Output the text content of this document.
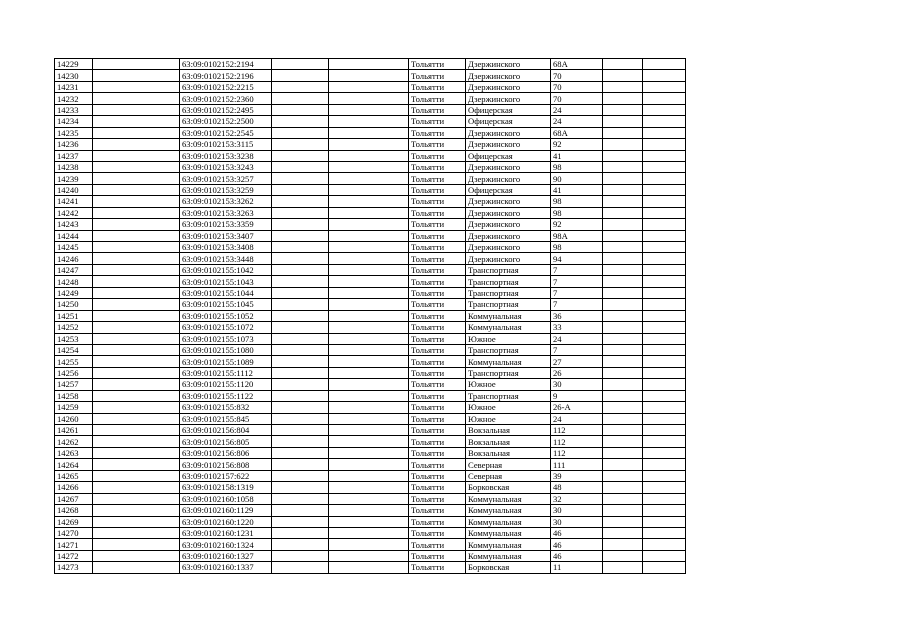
14229		63:09:0102152:2194			Тольятти	Дзержинского	68А		
14230		63:09:0102152:2196			Тольятти	Дзержинского	70		
14231		63:09:0102152:2215			Тольятти	Дзержинского	70		
14232		63:09:0102152:2360			Тольятти	Дзержинского	70		
14233		63:09:0102152:2495			Тольятти	Офицерская	24		
14234		63:09:0102152:2500			Тольятти	Офицерская	24		
14235		63:09:0102152:2545			Тольятти	Дзержинского	68А		
14236		63:09:0102153:3115			Тольятти	Дзержинского	92		
14237		63:09:0102153:3238			Тольятти	Офицерская	41		
14238		63:09:0102153:3243			Тольятти	Дзержинского	98		
14239		63:09:0102153:3257			Тольятти	Дзержинского	90		
14240		63:09:0102153:3259			Тольятти	Офицерская	41		
14241		63:09:0102153:3262			Тольятти	Дзержинского	98		
14242		63:09:0102153:3263			Тольятти	Дзержинского	98		
14243		63:09:0102153:3359			Тольятти	Дзержинского	92		
14244		63:09:0102153:3407			Тольятти	Дзержинского	98А		
14245		63:09:0102153:3408			Тольятти	Дзержинского	98		
14246		63:09:0102153:3448			Тольятти	Дзержинского	94		
14247		63:09:0102155:1042			Тольятти	Транспортная	7		
14248		63:09:0102155:1043			Тольятти	Транспортная	7		
14249		63:09:0102155:1044			Тольятти	Транспортная	7		
14250		63:09:0102155:1045			Тольятти	Транспортная	7		
14251		63:09:0102155:1052			Тольятти	Коммунальная	36		
14252		63:09:0102155:1072			Тольятти	Коммунальная	33		
14253		63:09:0102155:1073			Тольятти	Южное	24		
14254		63:09:0102155:1080			Тольятти	Транспортная	7		
14255		63:09:0102155:1089			Тольятти	Коммунальная	27		
14256		63:09:0102155:1112			Тольятти	Транспортная	26		
14257		63:09:0102155:1120			Тольятти	Южное	30		
14258		63:09:0102155:1122			Тольятти	Транспортная	9		
14259		63:09:0102155:832			Тольятти	Южное	26-А		
14260		63:09:0102155:845			Тольятти	Южное	24		
14261		63:09:0102156:804			Тольятти	Вокзальная	112		
14262		63:09:0102156:805			Тольятти	Вокзальная	112		
14263		63:09:0102156:806			Тольятти	Вокзальная	112		
14264		63:09:0102156:808			Тольятти	Северная	111		
14265		63:09:0102157:622			Тольятти	Северная	39		
14266		63:09:0102158:1319			Тольятти	Борковская	48		
14267		63:09:0102160:1058			Тольятти	Коммунальная	32		
14268		63:09:0102160:1129			Тольятти	Коммунальная	30		
14269		63:09:0102160:1220			Тольятти	Коммунальная	30		
14270		63:09:0102160:1231			Тольятти	Коммунальная	46		
14271		63:09:0102160:1324			Тольятти	Коммунальная	46		
14272		63:09:0102160:1327			Тольятти	Коммунальная	46		
14273		63:09:0102160:1337			Тольятти	Борковская	11		
